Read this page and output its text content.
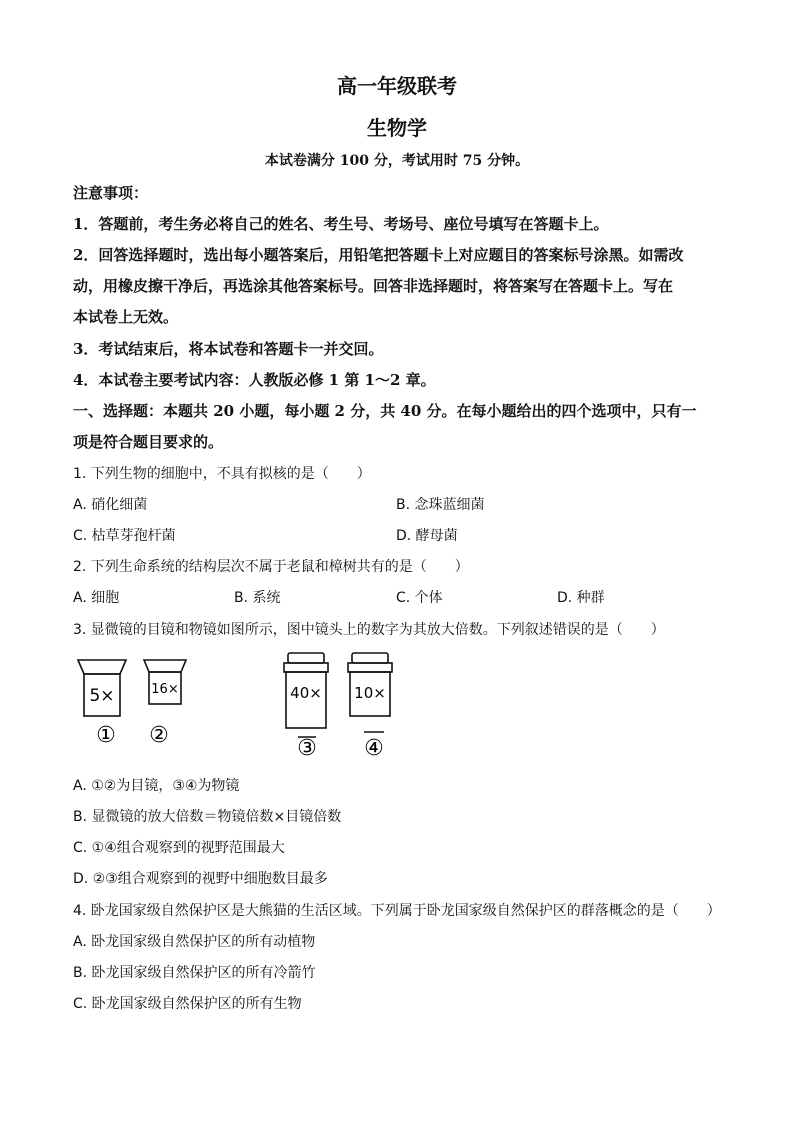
高一年级联考
生物学
本试卷满分 100 分，考试用时 75 分钟。
注意事项：
1．答题前，考生务必将自己的姓名、考生号、考场号、座位号填写在答题卡上。
2．回答选择题时，选出每小题答案后，用铅笔把答题卡上对应题目的答案标号涂黑。如需改
动，用橡皮擦干净后，再选涂其他答案标号。回答非选择题时，将答案写在答题卡上。写在
本试卷上无效。
3．考试结束后，将本试卷和答题卡一并交回。
4．本试卷主要考试内容：人教版必修 1 第 1～2 章。
一、选择题：本题共 20 小题，每小题 2 分，共 40 分。在每小题给出的四个选项中，只有一
项是符合题目要求的。
1. 下列生物的细胞中，不具有拟核的是（　　）
A. 硝化细菌	B. 念珠蓝细菌
C. 枯草芽孢杆菌	D. 酵母菌
2. 下列生命系统的结构层次不属于老鼠和樟树共有的是（　　）
A. 细胞	B. 系统	C. 个体	D. 种群
3. 显微镜的目镜和物镜如图所示，图中镜头上的数字为其放大倍数。下列叙述错误的是（　　）
5×
①
16×
②
40×
③
10×
④
A. ①②为目镜，③④为物镜
B. 显微镜的放大倍数＝物镜倍数×目镜倍数
C. ①④组合观察到的视野范围最大
D. ②③组合观察到的视野中细胞数目最多
4. 卧龙国家级自然保护区是大熊猫的生活区域。下列属于卧龙国家级自然保护区的群落概念的是（　　）
A. 卧龙国家级自然保护区的所有动植物
B. 卧龙国家级自然保护区的所有冷箭竹
C. 卧龙国家级自然保护区的所有生物
